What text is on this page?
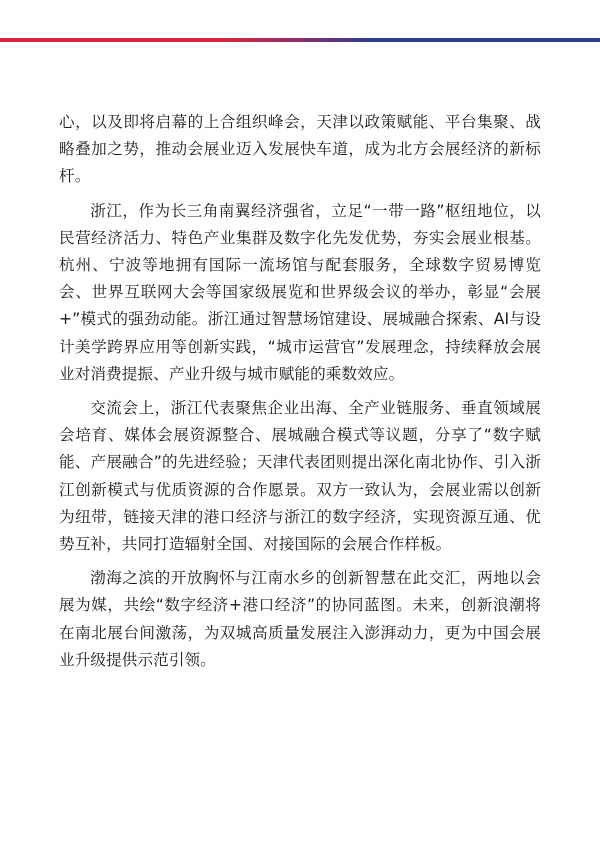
心，以及即将启幕的上合组织峰会，天津以政策赋能、平台集聚、战略叠加之势，推动会展业迈入发展快车道，成为北方会展经济的新标杆。

浙江，作为长三角南翼经济强省，立足“一带一路”枢纽地位，以民营经济活力、特色产业集群及数字化先发优势，夯实会展业根基。杭州、宁波等地拥有国际一流场馆与配套服务，全球数字贸易博览会、世界互联网大会等国家级展览和世界级会议的举办，彰显“会展+”模式的强劲动能。浙江通过智慧场馆建设、展城融合探索、AI与设计美学跨界应用等创新实践，“城市运营官”发展理念，持续释放会展业对消费提振、产业升级与城市赋能的乘数效应。

交流会上，浙江代表聚焦企业出海、全产业链服务、垂直领域展会培育、媒体会展资源整合、展城融合模式等议题，分享了“数字赋能、产展融合”的先进经验；天津代表团则提出深化南北协作、引入浙江创新模式与优质资源的合作愿景。双方一致认为，会展业需以创新为纽带，链接天津的港口经济与浙江的数字经济，实现资源互通、优势互补，共同打造辐射全国、对接国际的会展合作样板。

渤海之滨的开放胸怀与江南水乡的创新智慧在此交汇，两地以会展为媒，共绘“数字经济+港口经济”的协同蓝图。未来，创新浪潮将在南北展台间激荡，为双城高质量发展注入澎湃动力，更为中国会展业升级提供示范引领。
